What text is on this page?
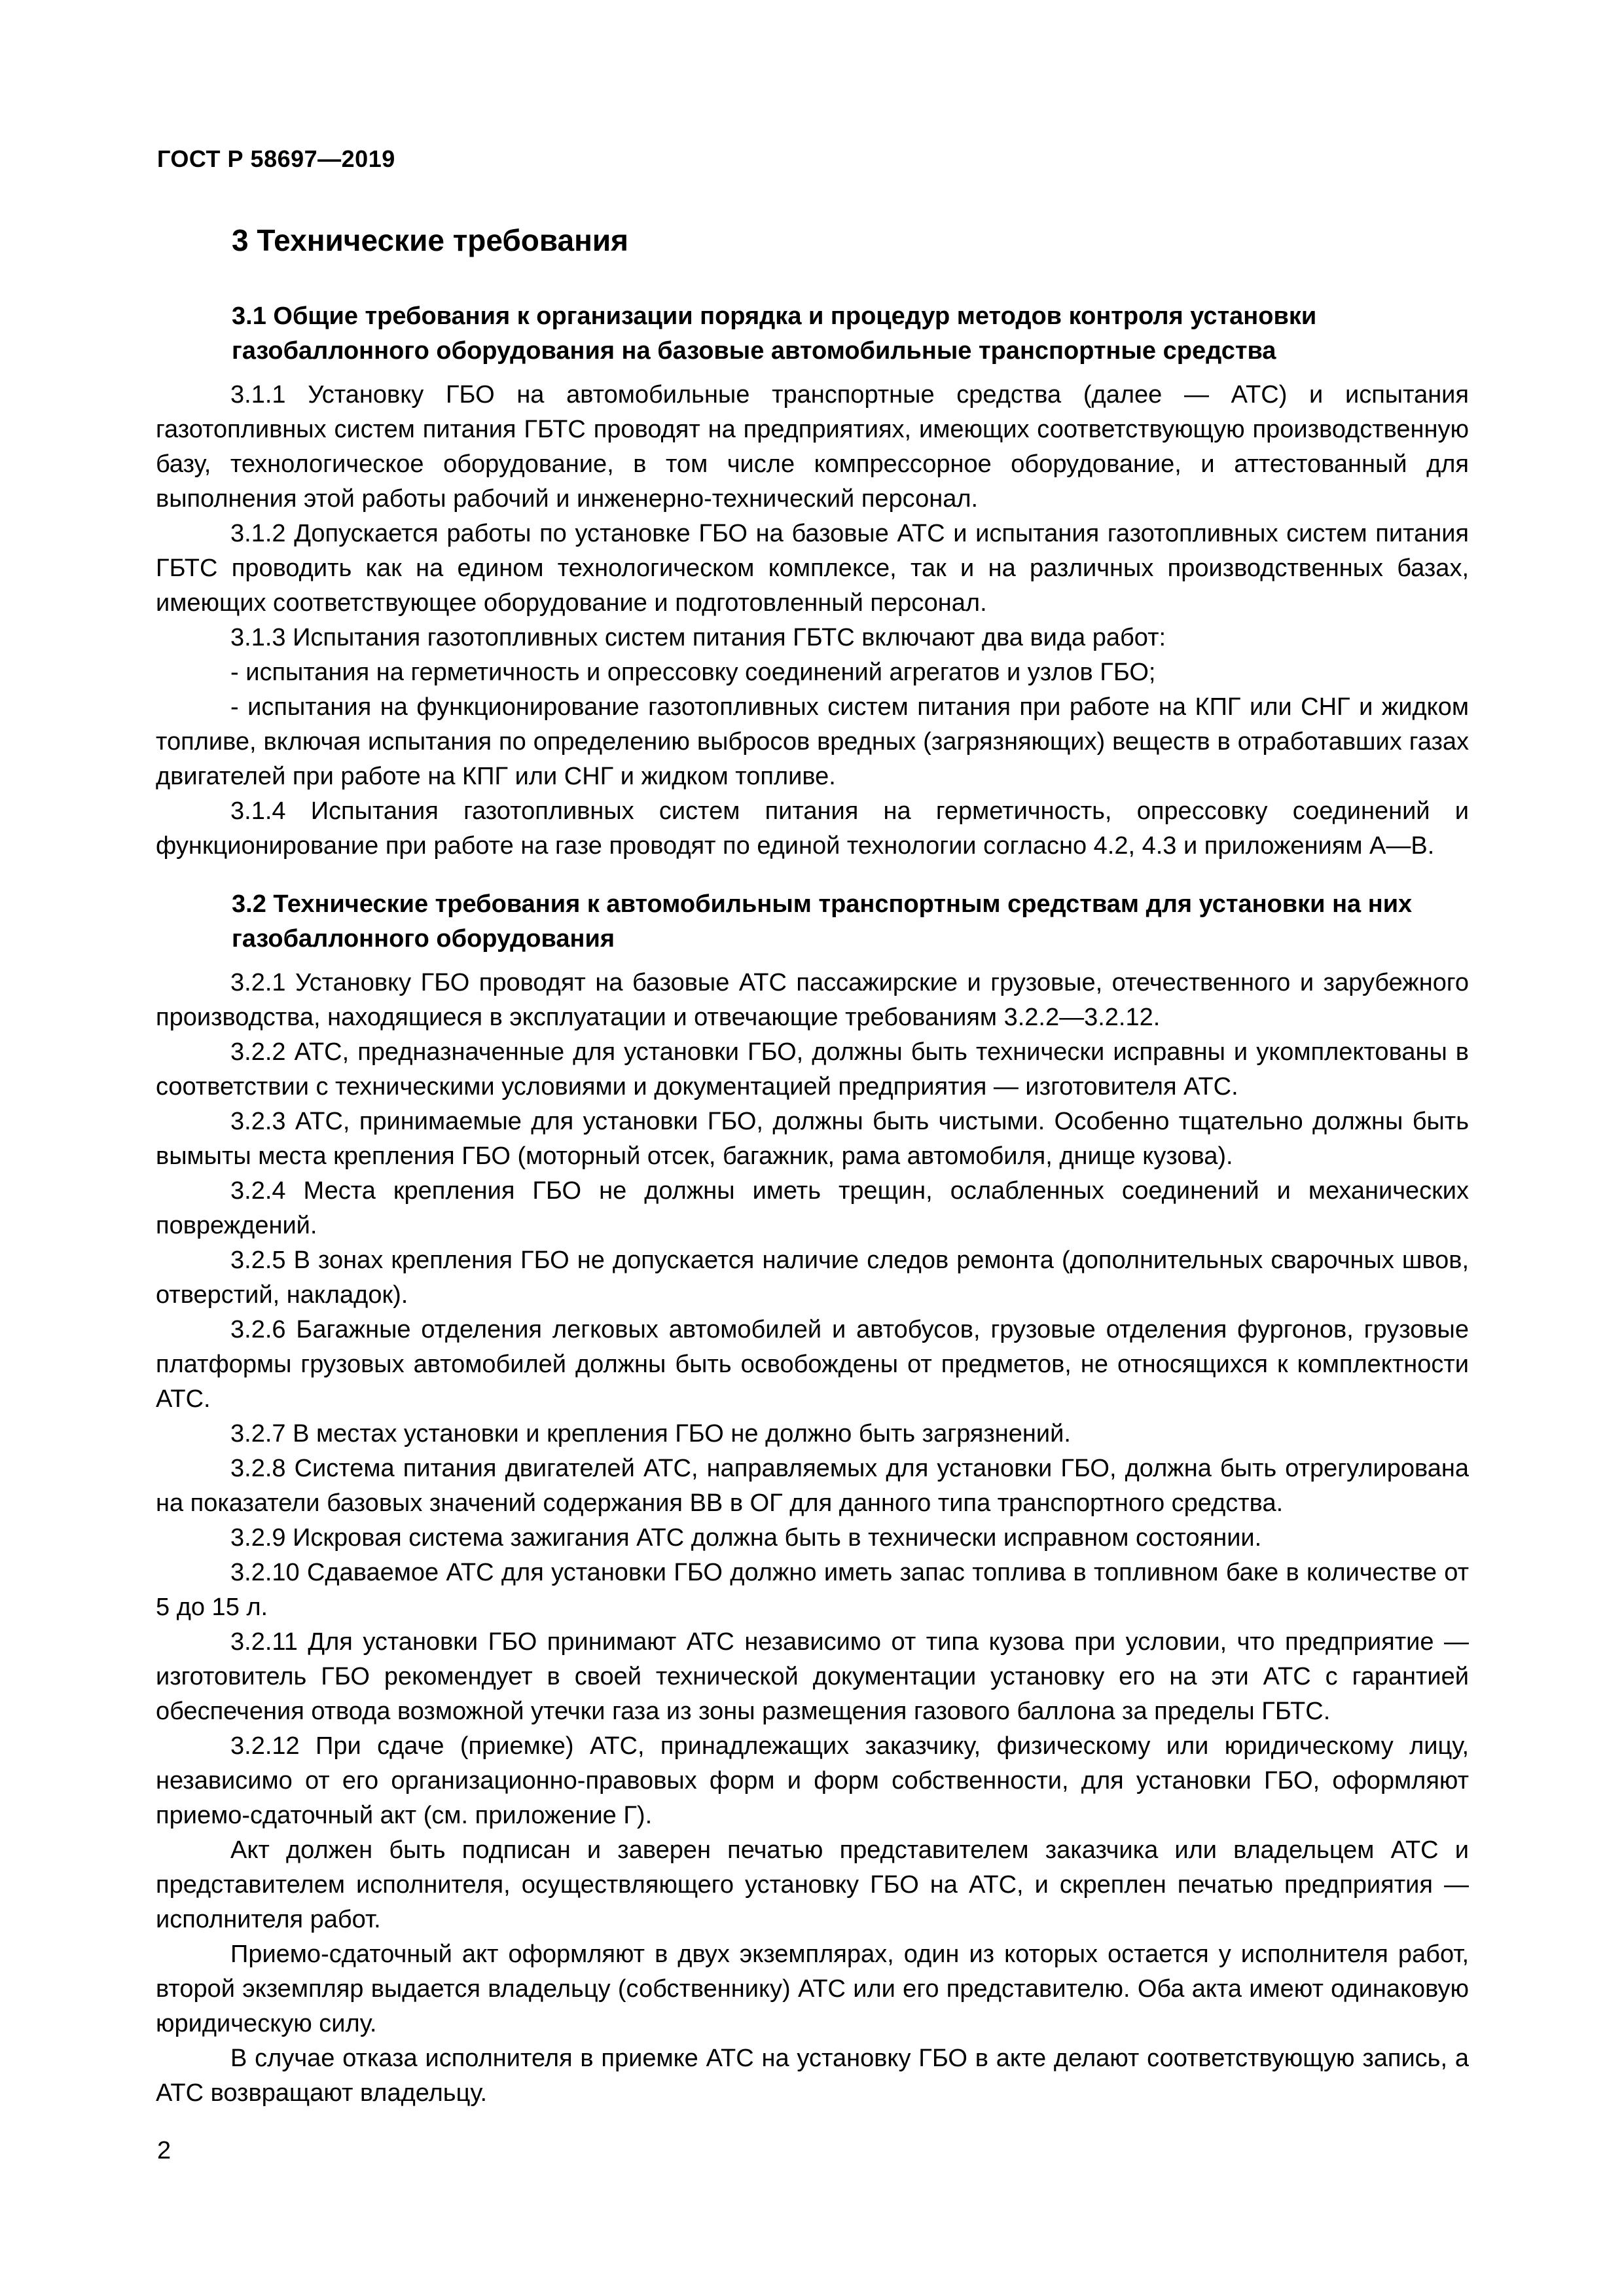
ГОСТ Р 58697—2019
3 Технические требования
3.1 Общие требования к организации порядка и процедур методов контроля установки газобаллонного оборудования на базовые автомобильные транспортные средства

3.1.1 Установку ГБО на автомобильные транспортные средства (далее — АТС) и испытания газотопливных систем питания ГБТС проводят на предприятиях, имеющих соответствующую производственную базу, технологическое оборудование, в том числе компрессорное оборудование, и аттестованный для выполнения этой работы рабочий и инженерно-технический персонал.

3.1.2 Допускается работы по установке ГБО на базовые АТС и испытания газотопливных систем питания ГБТС проводить как на едином технологическом комплексе, так и на различных производственных базах, имеющих соответствующее оборудование и подготовленный персонал.

3.1.3 Испытания газотопливных систем питания ГБТС включают два вида работ:

- испытания на герметичность и опрессовку соединений агрегатов и узлов ГБО;

- испытания на функционирование газотопливных систем питания при работе на КПГ или СНГ и жидком топливе, включая испытания по определению выбросов вредных (загрязняющих) веществ в отработавших газах двигателей при работе на КПГ или СНГ и жидком топливе.

3.1.4 Испытания газотопливных систем питания на герметичность, опрессовку соединений и функционирование при работе на газе проводят по единой технологии согласно 4.2, 4.3 и приложениям А—В.

3.2 Технические требования к автомобильным транспортным средствам для установки на них газобаллонного оборудования

3.2.1 Установку ГБО проводят на базовые АТС пассажирские и грузовые, отечественного и зарубежного производства, находящиеся в эксплуатации и отвечающие требованиям 3.2.2—3.2.12.

3.2.2 АТС, предназначенные для установки ГБО, должны быть технически исправны и укомплектованы в соответствии с техническими условиями и документацией предприятия — изготовителя АТС.

3.2.3 АТС, принимаемые для установки ГБО, должны быть чистыми. Особенно тщательно должны быть вымыты места крепления ГБО (моторный отсек, багажник, рама автомобиля, днище кузова).

3.2.4 Места крепления ГБО не должны иметь трещин, ослабленных соединений и механических повреждений.

3.2.5 В зонах крепления ГБО не допускается наличие следов ремонта (дополнительных сварочных швов, отверстий, накладок).

3.2.6 Багажные отделения легковых автомобилей и автобусов, грузовые отделения фургонов, грузовые платформы грузовых автомобилей должны быть освобождены от предметов, не относящихся к комплектности АТС.

3.2.7 В местах установки и крепления ГБО не должно быть загрязнений.

3.2.8 Система питания двигателей АТС, направляемых для установки ГБО, должна быть отрегулирована на показатели базовых значений содержания ВВ в ОГ для данного типа транспортного средства.

3.2.9 Искровая система зажигания АТС должна быть в технически исправном состоянии.

3.2.10 Сдаваемое АТС для установки ГБО должно иметь запас топлива в топливном баке в количестве от 5 до 15 л.

3.2.11 Для установки ГБО принимают АТС независимо от типа кузова при условии, что предприятие — изготовитель ГБО рекомендует в своей технической документации установку его на эти АТС с гарантией обеспечения отвода возможной утечки газа из зоны размещения газового баллона за пределы ГБТС.

3.2.12 При сдаче (приемке) АТС, принадлежащих заказчику, физическому или юридическому лицу, независимо от его организационно-правовых форм и форм собственности, для установки ГБО, оформляют приемо-сдаточный акт (см. приложение Г).

Акт должен быть подписан и заверен печатью представителем заказчика или владельцем АТС и представителем исполнителя, осуществляющего установку ГБО на АТС, и скреплен печатью предприятия — исполнителя работ.

Приемо-сдаточный акт оформляют в двух экземплярах, один из которых остается у исполнителя работ, второй экземпляр выдается владельцу (собственнику) АТС или его представителю. Оба акта имеют одинаковую юридическую силу.

В случае отказа исполнителя в приемке АТС на установку ГБО в акте делают соответствующую запись, а АТС возвращают владельцу.

2
